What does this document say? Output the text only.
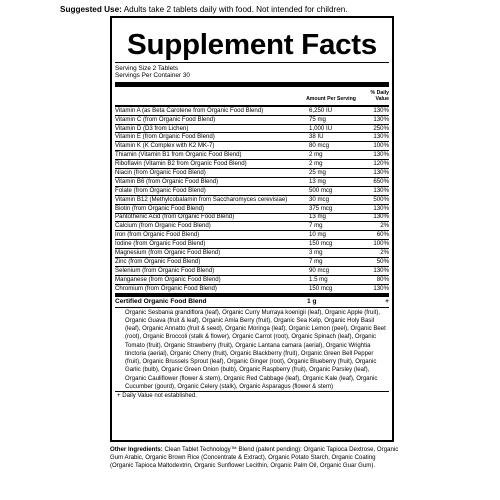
Suggested Use: Adults take 2 tablets daily with food. Not intended for children.
Supplement Facts
Serving Size 2 Tablets
Servings Per Container 30
Amount Per Serving
% Daily Value
Vitamin A (as Beta Carotene from Organic Food Blend)	6,250 IU	130%
Vitamin C (from Organic Food Blend)	75 mg	130%
Vitamin D (D3 from Lichen)	1,000 IU	250%
Vitamin E (from Organic Food Blend)	38 IU	130%
Vitamin K (K Complex with K2 MK-7)	80 mcg	100%
Thiamin (Vitamin B1 from Organic Food Blend)	2 mg	130%
Riboflavin (Vitamin B2 from Organic Food Blend)	2 mg	120%
Niacin (from Organic Food Blend)	25 mg	130%
Vitamin B6 (from Organic Food Blend)	13 mg	650%
Folate (from Organic Food Blend)	500 mcg	130%
Vitamin B12 (Methylcobalamin from Saccharomyces cerevisiae)	30 mcg	500%
Biotin (from Organic Food Blend)	375 mcg	130%
Pantothenic Acid (from Organic Food Blend)	13 mg	130%
Calcium (from Organic Food Blend)	7 mg	2%
Iron (from Organic Food Blend)	10 mg	60%
Iodine (from Organic Food Blend)	150 mcg	100%
Magnesium (from Organic Food Blend)	3 mg	2%
Zinc (from Organic Food Blend)	7 mg	50%
Selenium (from Organic Food Blend)	90 mcg	130%
Manganese (from Organic Food Blend)	1.5 mg	80%
Chromium (from Organic Food Blend)	150 mcg	130%
Certified Organic Food Blend	1 g	+
Organic Sesbania grandiflora (leaf), Organic Curry Murraya koenigii (leaf), Organic Apple (fruit), Organic Guava (fruit & leaf), Organic Amla Berry (fruit), Organic Sea Kelp, Organic Holy Basil (leaf), Organic Annatto (fruit & seed), Organic Moringa (leaf), Organic Lemon (peel), Organic Beet (root), Organic Broccoli (stalk & flower), Organic Carrot (root), Organic Spinach (leaf), Organic Tomato (fruit), Organic Strawberry (fruit), Organic Lantana camara (aerial), Organic Wrightia tinctoria (aerial), Organic Cherry (fruit), Organic Blackberry (fruit), Organic Green Bell Pepper (fruit), Organic Brussels Sprout (leaf), Organic Ginger (root), Organic Blueberry (fruit), Organic Garlic (bulb), Organic Green Onion (bulb), Organic Raspberry (fruit), Organic Parsley (leaf), Organic Cauliflower (flower & stem), Organic Red Cabbage (leaf), Organic Kale (leaf), Organic Cucumber (gourd), Organic Celery (stalk), Organic Asparagus (flower & stem)
+ Daily Value not established.
Other Ingredients: Clean Tablet Technology™ Blend (patent pending): Organic Tapioca Dextrose, Organic Gum Arabic, Organic Brown Rice (Concentrate & Extract), Organic Potato Starch, Organic Coating (Organic Tapioca Maltodextrin, Organic Sunflower Lecithin, Organic Palm Oil, Organic Guar Gum).
